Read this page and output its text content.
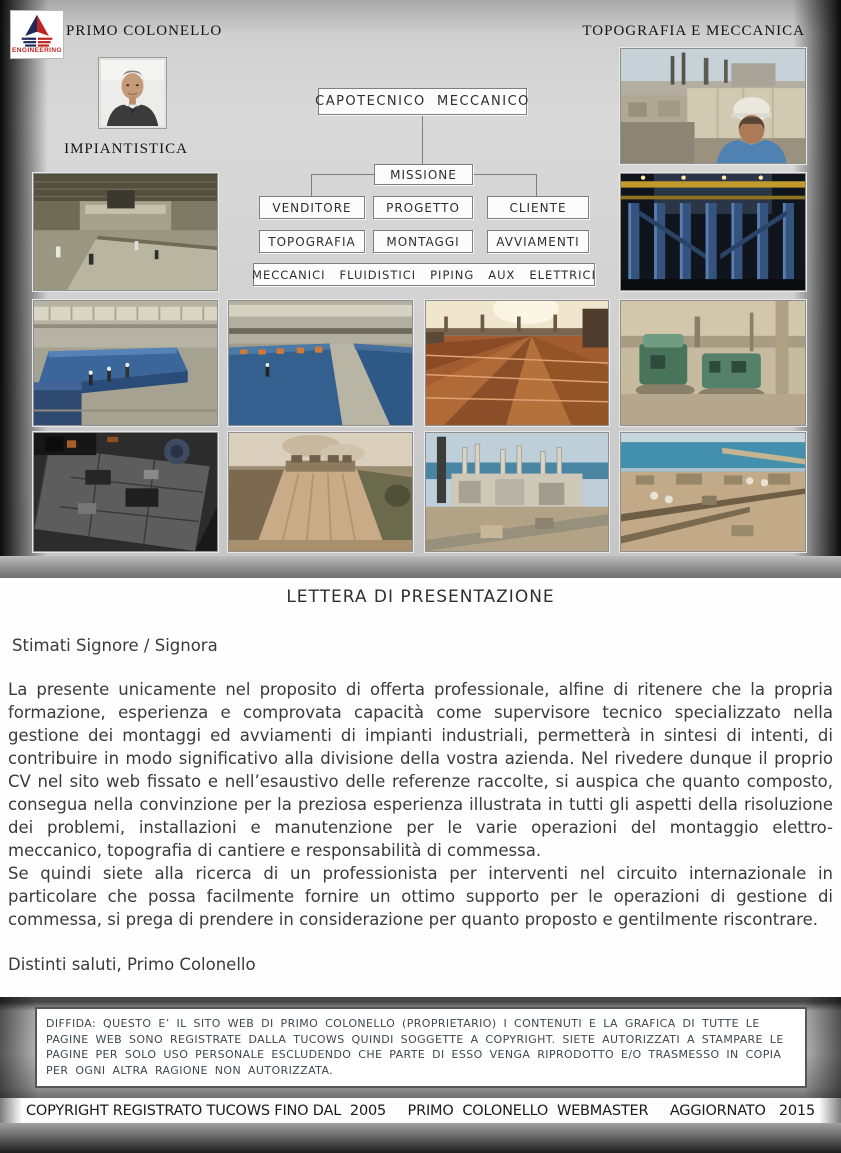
ENGINEERING
PRIMO COLONELLO	TOPOGRAFIA E MECCANICA
IMPIANTISTICA
CAPOTECNICO  MECCANICO
MISSIONE
VENDITORE	PROGETTO	CLIENTE
TOPOGRAFIA	MONTAGGI	AVVIAMENTI
MECCANICI   FLUIDISTICI   PIPING   AUX   ELETTRICI
LETTERA DI PRESENTAZIONE
Stimati Signore / Signora

La presente unicamente nel proposito di offerta professionale, alfine di ritenere che la propria formazione, esperienza e comprovata capacità come supervisore tecnico specializzato nella gestione dei montaggi ed avviamenti di impianti industriali, permetterà in sintesi di intenti, di contribuire in modo significativo alla divisione della vostra azienda. Nel rivedere dunque il proprio CV nel sito web fissato e nell’esaustivo delle referenze raccolte, si auspica che quanto composto, consegua nella convinzione per la preziosa esperienza illustrata in tutti gli aspetti della risoluzione dei problemi, installazioni e manutenzione per le varie operazioni del montaggio elettro-meccanico, topografia di cantiere e responsabilità di commessa.

Se quindi siete alla ricerca di un professionista per interventi nel circuito internazionale in particolare che possa facilmente fornire un ottimo supporto per le operazioni di gestione di commessa, si prega di prendere in considerazione per quanto proposto e gentilmente riscontrare.

Distinti saluti, Primo Colonello
DIFFIDA: QUESTO E’ IL SITO WEB DI PRIMO COLONELLO (PROPRIETARIO) I CONTENUTI E LA GRAFICA DI TUTTE LE PAGINE WEB SONO REGISTRATE DALLA TUCOWS QUINDI SOGGETTE A COPYRIGHT. SIETE AUTORIZZATI A STAMPARE LE PAGINE PER SOLO USO PERSONALE ESCLUDENDO CHE PARTE DI ESSO VENGA RIPRODOTTO E/O TRASMESSO IN COPIA PER OGNI ALTRA RAGIONE NON AUTORIZZATA.
COPYRIGHT REGISTRATO TUCOWS FINO DAL  2005 PRIMO  COLONELLO  WEBMASTER AGGIORNATO   2015
